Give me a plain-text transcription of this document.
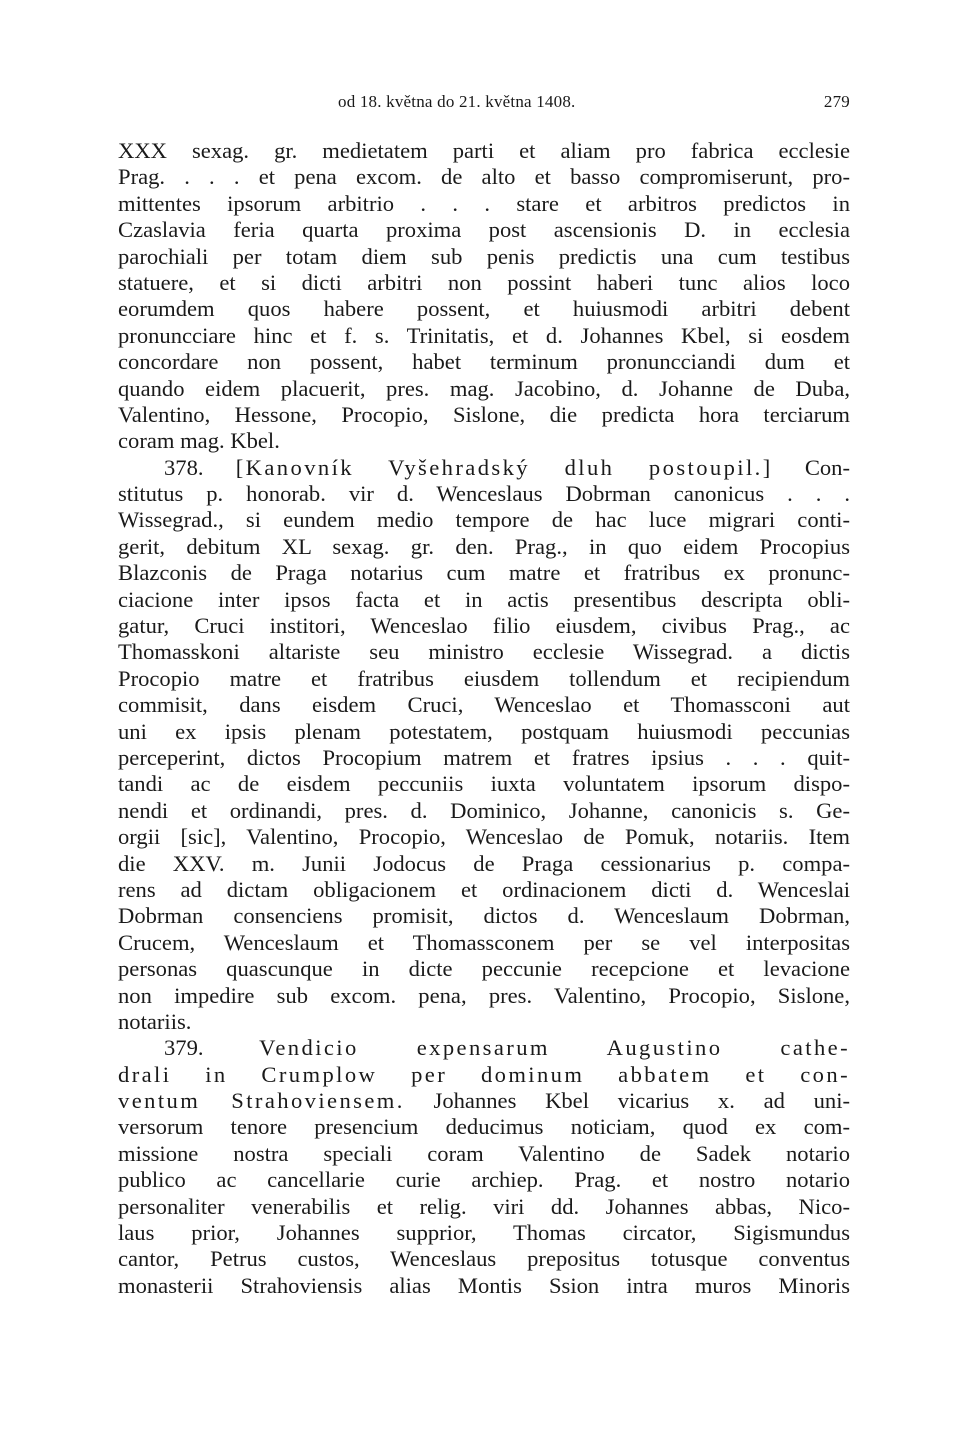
od 18. května do 21. května 1408.	279
XXX sexag. gr. medietatem parti et aliam pro fabrica ecclesie
Prag. . . . et pena excom. de alto et basso compromiserunt, pro-
mittentes ipsorum arbitrio . . . stare et arbitros predictos in
Czaslavia feria quarta proxima post ascensionis D. in ecclesia
parochiali per totam diem sub penis predictis una cum testibus
statuere, et si dicti arbitri non possint haberi tunc alios loco
eorumdem quos habere possent, et huiusmodi arbitri debent
pronuncciare hinc et f. s. Trinitatis, et d. Johannes Kbel, si eosdem
concordare non possent, habet terminum pronuncciandi dum et
quando eidem placuerit, pres. mag. Jacobino, d. Johanne de Duba,
Valentino, Hessone, Procopio, Sislone, die predicta hora terciarum
coram mag. Kbel.
378. [Kanovník Vyšehradský dluh postoupil.] Con-
stitutus p. honorab. vir d. Wenceslaus Dobrman canonicus . . .
Wissegrad., si eundem medio tempore de hac luce migrari conti-
gerit, debitum XL sexag. gr. den. Prag., in quo eidem Procopius
Blazconis de Praga notarius cum matre et fratribus ex pronunc-
ciacione inter ipsos facta et in actis presentibus descripta obli-
gatur, Cruci institori, Wenceslao filio eiusdem, civibus Prag., ac
Thomasskoni altariste seu ministro ecclesie Wissegrad. a dictis
Procopio matre et fratribus eiusdem tollendum et recipiendum
commisit, dans eisdem Cruci, Wenceslao et Thomassconi aut
uni ex ipsis plenam potestatem, postquam huiusmodi peccunias
perceperint, dictos Procopium matrem et fratres ipsius . . . quit-
tandi ac de eisdem peccuniis iuxta voluntatem ipsorum dispo-
nendi et ordinandi, pres. d. Dominico, Johanne, canonicis s. Ge-
orgii [sic], Valentino, Procopio, Wenceslao de Pomuk, notariis. Item
die XXV. m. Junii Jodocus de Praga cessionarius p. compa-
rens ad dictam obligacionem et ordinacionem dicti d. Wenceslai
Dobrman consenciens promisit, dictos d. Wenceslaum Dobrman,
Crucem, Wenceslaum et Thomassconem per se vel interpositas
personas quascunque in dicte peccunie recepcione et levacione
non impedire sub excom. pena, pres. Valentino, Procopio, Sislone,
notariis.
379. Vendicio expensarum Augustino cathe-
drali in Crumplow per dominum abbatem et con-
ventum Strahoviensem. Johannes Kbel vicarius x. ad uni-
versorum tenore presencium deducimus noticiam, quod ex com-
missione nostra speciali coram Valentino de Sadek notario
publico ac cancellarie curie archiep. Prag. et nostro notario
personaliter venerabilis et relig. viri dd. Johannes abbas, Nico-
laus prior, Johannes supprior, Thomas circator, Sigismundus
cantor, Petrus custos, Wenceslaus prepositus totusque conventus
monasterii Strahoviensis alias Montis Ssion intra muros Minoris
